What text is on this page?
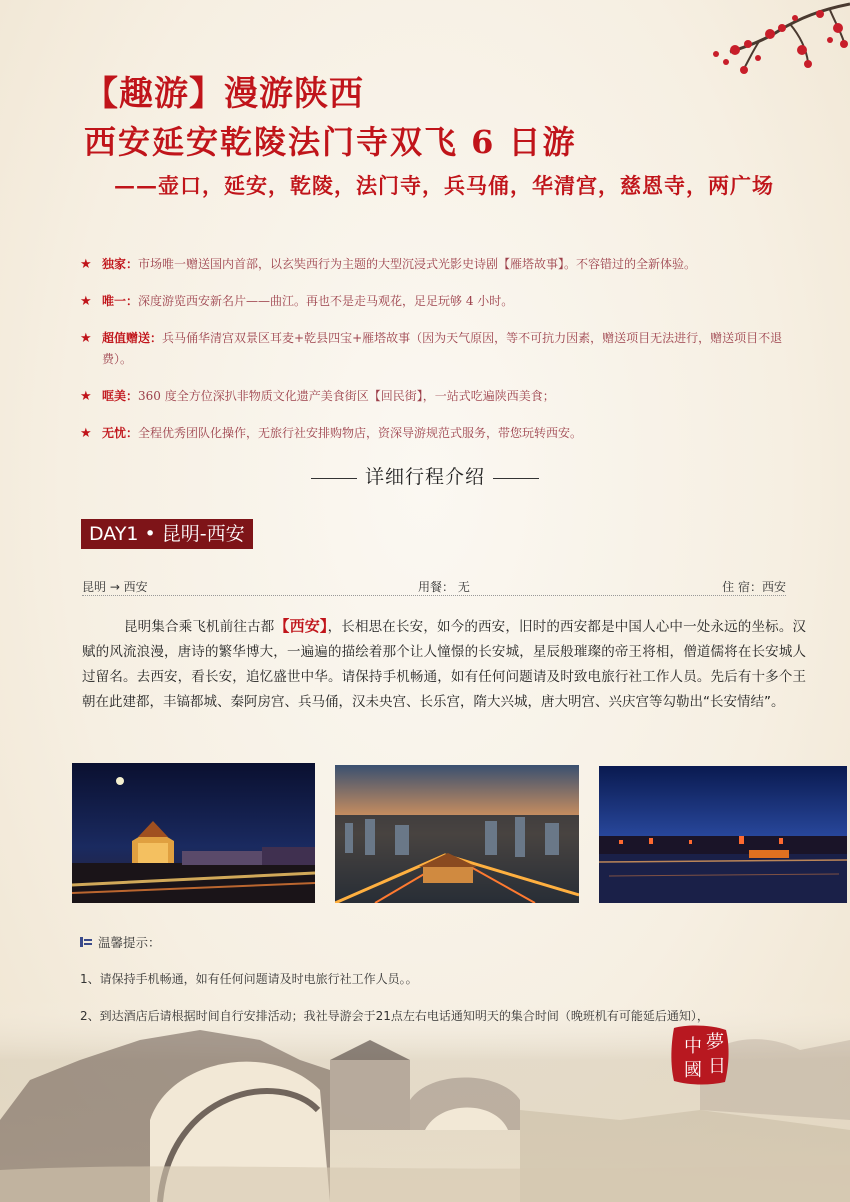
【趣游】漫游陕西
西安延安乾陵法门寺双飞 6 日游
——壶口，延安，乾陵，法门寺，兵马俑，华清宫，慈恩寺，两广场
★ 独家：市场唯一赠送国内首部，以玄奘西行为主题的大型沉浸式光影史诗剧【雁塔故事】。不容错过的全新体验。
★ 唯一：深度游览西安新名片——曲江。再也不是走马观花，足足玩够 4 小时。
★ 超值赠送：兵马俑华清宫双景区耳麦+乾县四宝+雁塔故事（因为天气原因，等不可抗力因素，赠送项目无法进行，赠送项目不退费）。
★ 哐美：360 度全方位深扒非物质文化遗产美食街区【回民街】，一站式吃遍陕西美食；
★ 无忧：全程优秀团队化操作，无旅行社安排购物店，资深导游规范式服务，带您玩转西安。
详细行程介绍
DAY1 • 昆明-西安
昆明 → 西安	用餐： 无	住 宿：西安
昆明集合乘飞机前往古都【西安】，长相思在长安，如今的西安，旧时的西安都是中国人心中一处永远的坐标。汉赋的风流浪漫，唐诗的繁华博大，一遍遍的描绘着那个让人憧憬的长安城，星辰般璀璨的帝王将相，僧道儒将在长安城人过留名。去西安，看长安，追忆盛世中华。请保持手机畅通，如有任何问题请及时致电旅行社工作人员。先后有十多个王朝在此建都，丰镐都城、秦阿房宫、兵马俑，汉未央宫、长乐宫，隋大兴城，唐大明宫、兴庆宫等勾勒出“长安情结”。
温馨提示：
1、请保持手机畅通，如有任何问题请及时电旅行社工作人员。。
2、到达酒店后请根据时间自行安排活动；我社导游会于21点左右电话通知明天的集合时间（晚班机有可能延后通知），
中
國
夢
日
